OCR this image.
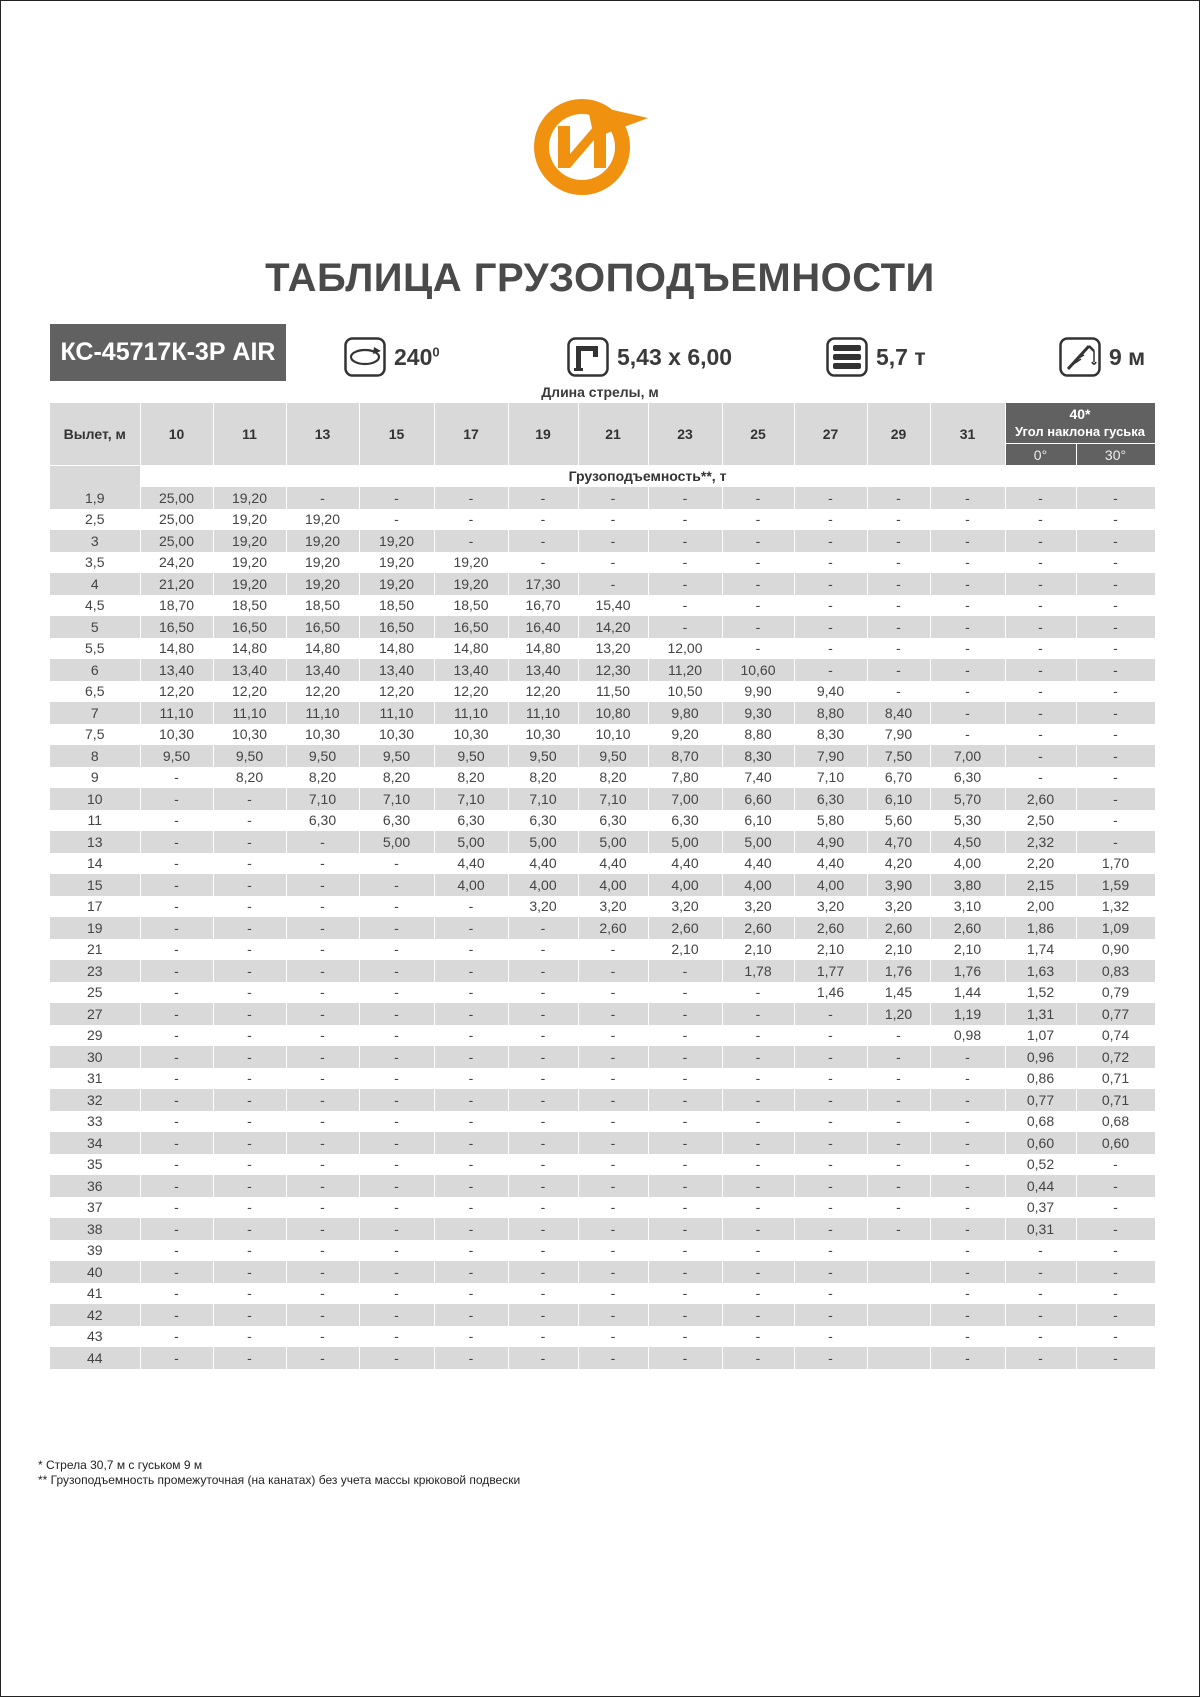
ТАБЛИЦА ГРУЗОПОДЪЕМНОСТИ
КС-45717К-3Р AIR	$240^0$	5,43 х 6,00	5,7 т	9 м
Длина стрелы, м
Вылет, м	10	11	13	15	17	19	21	23	25	27	29	31	40*
Угол наклона гуська	

													0°	30°
	Грузоподъемность**, т													
1,9	25,00	19,20	-	-	-	-	-	-	-	-	-	-	-	-
2,5	25,00	19,20	19,20	-	-	-	-	-	-	-	-	-	-	-
3	25,00	19,20	19,20	19,20	-	-	-	-	-	-	-	-	-	-
3,5	24,20	19,20	19,20	19,20	19,20	-	-	-	-	-	-	-	-	-
4	21,20	19,20	19,20	19,20	19,20	17,30	-	-	-	-	-	-	-	-
4,5	18,70	18,50	18,50	18,50	18,50	16,70	15,40	-	-	-	-	-	-	-
5	16,50	16,50	16,50	16,50	16,50	16,40	14,20	-	-	-	-	-	-	-
5,5	14,80	14,80	14,80	14,80	14,80	14,80	13,20	12,00	-	-	-	-	-	-
6	13,40	13,40	13,40	13,40	13,40	13,40	12,30	11,20	10,60	-	-	-	-	-
6,5	12,20	12,20	12,20	12,20	12,20	12,20	11,50	10,50	9,90	9,40	-	-	-	-
7	11,10	11,10	11,10	11,10	11,10	11,10	10,80	9,80	9,30	8,80	8,40	-	-	-
7,5	10,30	10,30	10,30	10,30	10,30	10,30	10,10	9,20	8,80	8,30	7,90	-	-	-
8	9,50	9,50	9,50	9,50	9,50	9,50	9,50	8,70	8,30	7,90	7,50	7,00	-	-
9	-	8,20	8,20	8,20	8,20	8,20	8,20	7,80	7,40	7,10	6,70	6,30	-	-
10	-	-	7,10	7,10	7,10	7,10	7,10	7,00	6,60	6,30	6,10	5,70	2,60	-
11	-	-	6,30	6,30	6,30	6,30	6,30	6,30	6,10	5,80	5,60	5,30	2,50	-
13	-	-	-	5,00	5,00	5,00	5,00	5,00	5,00	4,90	4,70	4,50	2,32	-
14	-	-	-	-	4,40	4,40	4,40	4,40	4,40	4,40	4,20	4,00	2,20	1,70
15	-	-	-	-	4,00	4,00	4,00	4,00	4,00	4,00	3,90	3,80	2,15	1,59
17	-	-	-	-	-	3,20	3,20	3,20	3,20	3,20	3,20	3,10	2,00	1,32
19	-	-	-	-	-	-	2,60	2,60	2,60	2,60	2,60	2,60	1,86	1,09
21	-	-	-	-	-	-	-	2,10	2,10	2,10	2,10	2,10	1,74	0,90
23	-	-	-	-	-	-	-	-	1,78	1,77	1,76	1,76	1,63	0,83
25	-	-	-	-	-	-	-	-	-	1,46	1,45	1,44	1,52	0,79
27	-	-	-	-	-	-	-	-	-	-	1,20	1,19	1,31	0,77
29	-	-	-	-	-	-	-	-	-	-	-	0,98	1,07	0,74
30	-	-	-	-	-	-	-	-	-	-	-	-	0,96	0,72
31	-	-	-	-	-	-	-	-	-	-	-	-	0,86	0,71
32	-	-	-	-	-	-	-	-	-	-	-	-	0,77	0,71
33	-	-	-	-	-	-	-	-	-	-	-	-	0,68	0,68
34	-	-	-	-	-	-	-	-	-	-	-	-	0,60	0,60
35	-	-	-	-	-	-	-	-	-	-	-	-	0,52	-
36	-	-	-	-	-	-	-	-	-	-	-	-	0,44	-
37	-	-	-	-	-	-	-	-	-	-	-	-	0,37	-
38	-	-	-	-	-	-	-	-	-	-	-	-	0,31	-
39	-	-	-	-	-	-	-	-	-	-		-	-	-
40	-	-	-	-	-	-	-	-	-	-		-	-	-
41	-	-	-	-	-	-	-	-	-	-		-	-	-
42	-	-	-	-	-	-	-	-	-	-		-	-	-
43	-	-	-	-	-	-	-	-	-	-		-	-	-
44	-	-	-	-	-	-	-	-	-	-		-	-	-
* Стрела 30,7 м с гуськом 9 м
** Грузоподъемность промежуточная (на канатах) без учета массы крюковой подвески
